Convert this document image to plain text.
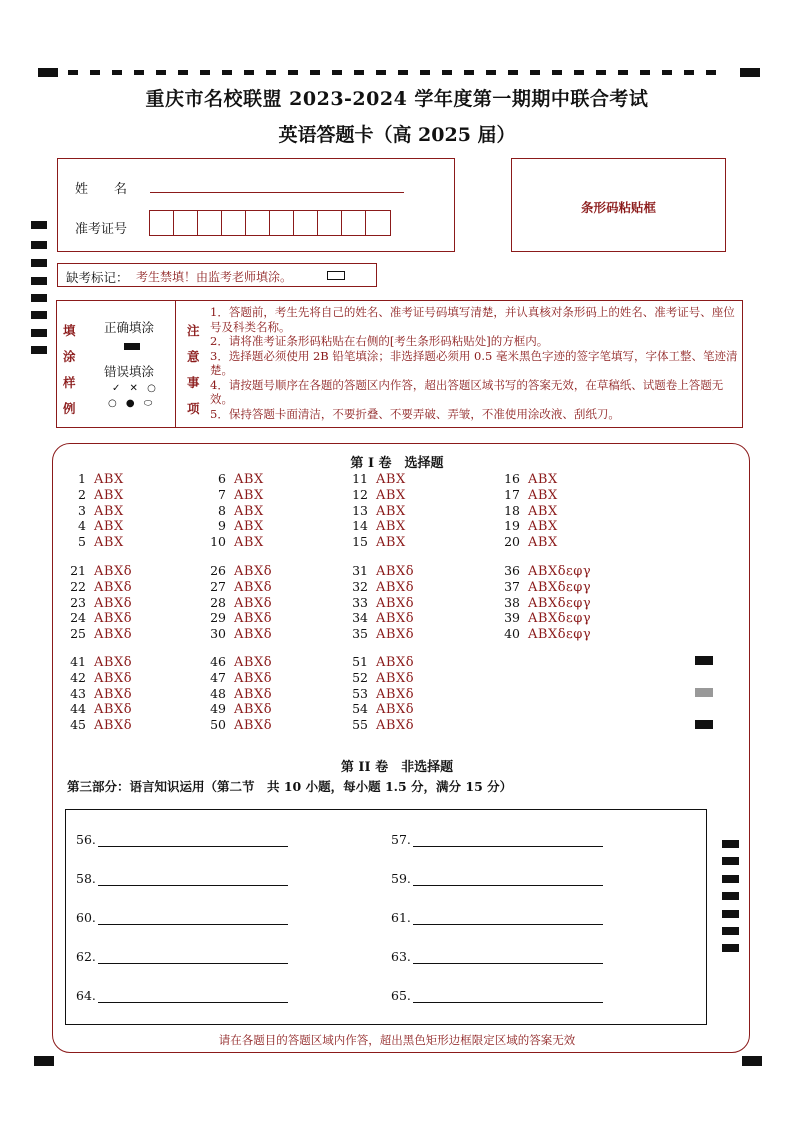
重庆市名校联盟 2023-2024 学年度第一期期中联合考试
英语答题卡（高 2025 届）
姓　　名
准考证号
条形码粘贴框
缺考标记： 考生禁填！由监考老师填涂。
填
涂
样
例
正确填涂
错误填涂
✓ ✕ ○
○ ● ⬭
注
意
事
项
1．答题前，考生先将自己的姓名、准考证号码填写清楚，并认真核对条形码上的姓名、准考证号、座位号及科类名称。
2．请将准考证条形码粘贴在右侧的[考生条形码粘贴处]的方框内。
3．选择题必须使用 2B 铅笔填涂；非选择题必须用 0.5 毫米黑色字迹的签字笔填写，字体工整、笔迹清楚。
4．请按题号顺序在各题的答题区内作答，超出答题区域书写的答案无效，在草稿纸、试题卷上答题无效。
5．保持答题卡面清洁，不要折叠、不要弄破、弄皱，不准使用涂改液、刮纸刀。
第 I 卷　选择题
1 ABX
2 ABX
3 ABX
4 ABX
5 ABX
6 ABX
7 ABX
8 ABX
9 ABX
10 ABX
11 ABX
12 ABX
13 ABX
14 ABX
15 ABX
16 ABX
17 ABX
18 ABX
19 ABX
20 ABX
21 ABXδ
22 ABXδ
23 ABXδ
24 ABXδ
25 ABXδ
26 ABXδ
27 ABXδ
28 ABXδ
29 ABXδ
30 ABXδ
31 ABXδ
32 ABXδ
33 ABXδ
34 ABXδ
35 ABXδ
36 ABXδεφγ
37 ABXδεφγ
38 ABXδεφγ
39 ABXδεφγ
40 ABXδεφγ
41 ABXδ
42 ABXδ
43 ABXδ
44 ABXδ
45 ABXδ
46 ABXδ
47 ABXδ
48 ABXδ
49 ABXδ
50 ABXδ
51 ABXδ
52 ABXδ
53 ABXδ
54 ABXδ
55 ABXδ
第 II 卷　非选择题
第三部分：语言知识运用（第二节　共 10 小题，每小题 1.5 分，满分 15 分）
56.	57.
58.	59.
60.	61.
62.	63.
64.	65.
请在各题目的答题区域内作答，超出黑色矩形边框限定区域的答案无效
